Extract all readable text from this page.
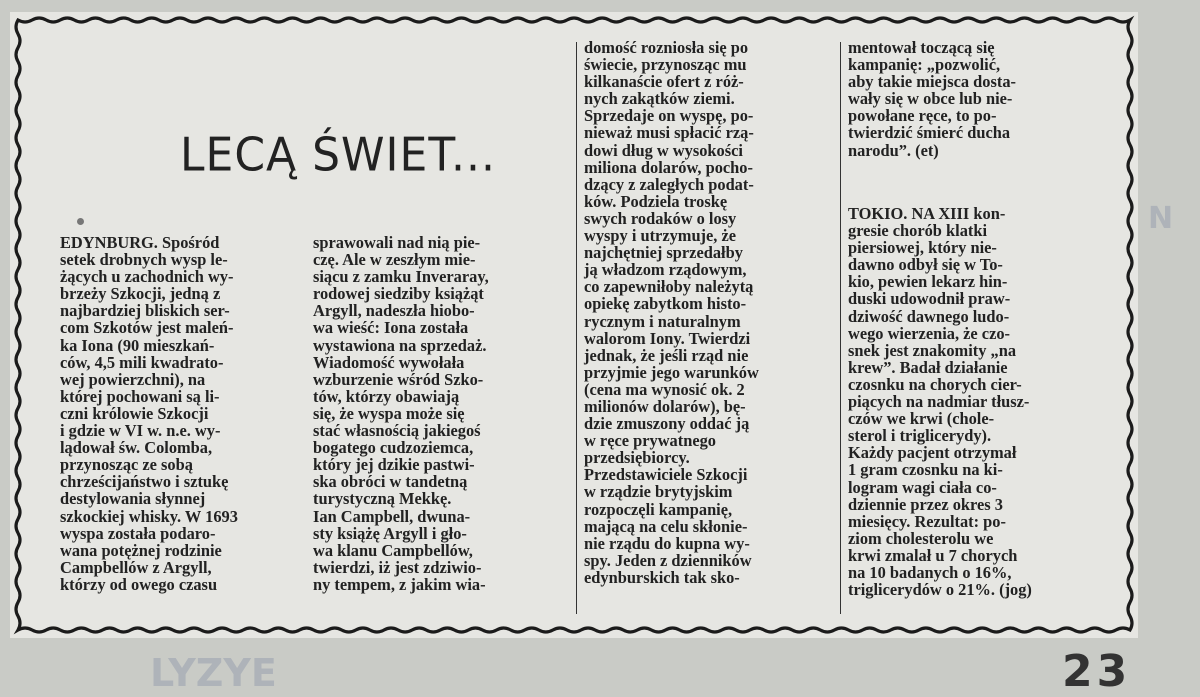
LYZYE
N
LECĄ ŚWIET...
EDYNBURG. Spośród
setek drobnych wysp le-
żących u zachodnich wy-
brzeży Szkocji, jedną z
najbardziej bliskich ser-
com Szkotów jest maleń-
ka Iona (90 mieszkań-
ców, 4,5 mili kwadrato-
wej powierzchni), na
której pochowani są li-
czni królowie Szkocji
i gdzie w VI w. n.e. wy-
lądował św. Colomba,
przynosząc ze sobą
chrześcijaństwo i sztukę
destylowania słynnej
szkockiej whisky. W 1693
wyspa została podaro-
wana potężnej rodzinie
Campbellów z Argyll,
którzy od owego czasu
sprawowali nad nią pie-
czę. Ale w zeszłym mie-
siącu z zamku Inveraray,
rodowej siedziby książąt
Argyll, nadeszła hiobo-
wa wieść: Iona została
wystawiona na sprzedaż.
Wiadomość wywołała
wzburzenie wśród Szko-
tów, którzy obawiają
się, że wyspa może się
stać własnością jakiegoś
bogatego cudzoziemca,
który jej dzikie pastwi-
ska obróci w tandetną
turystyczną Mekkę.
Ian Campbell, dwuna-
sty książę Argyll i gło-
wa klanu Campbellów,
twierdzi, iż jest zdziwio-
ny tempem, z jakim wia-
domość rozniosła się po
świecie, przynosząc mu
kilkanaście ofert z róż-
nych zakątków ziemi.
Sprzedaje on wyspę, po-
nieważ musi spłacić rzą-
dowi dług w wysokości
miliona dolarów, pocho-
dzący z zaległych podat-
ków. Podziela troskę
swych rodaków o losy
wyspy i utrzymuje, że
najchętniej sprzedałby
ją władzom rządowym,
co zapewniłoby należytą
opiekę zabytkom histo-
rycznym i naturalnym
walorom Iony. Twierdzi
jednak, że jeśli rząd nie
przyjmie jego warunków
(cena ma wynosić ok. 2
milionów dolarów), bę-
dzie zmuszony oddać ją
w ręce prywatnego
przedsiębiorcy.
Przedstawiciele Szkocji
w rządzie brytyjskim
rozpoczęli kampanię,
mającą na celu skłonie-
nie rządu do kupna wy-
spy. Jeden z dzienników
edynburskich tak sko-
mentował toczącą się
kampanię: „pozwolić,
aby takie miejsca dosta-
wały się w obce lub nie-
powołane ręce, to po-
twierdzić śmierć ducha
narodu”. (et)
TOKIO. NA XIII kon-
gresie chorób klatki
piersiowej, który nie-
dawno odbył się w To-
kio, pewien lekarz hin-
duski udowodnił praw-
dziwość dawnego ludo-
wego wierzenia, że czo-
snek jest znakomity „na
krew”. Badał działanie
czosnku na chorych cier-
piących na nadmiar tłusz-
czów we krwi (chole-
sterol i triglicerydy).
Każdy pacjent otrzymał
1 gram czosnku na ki-
logram wagi ciała co-
dziennie przez okres 3
miesięcy. Rezultat: po-
ziom cholesterolu we
krwi zmalał u 7 chorych
na 10 badanych o 16%,
triglicerydów o 21%. (jog)
23
